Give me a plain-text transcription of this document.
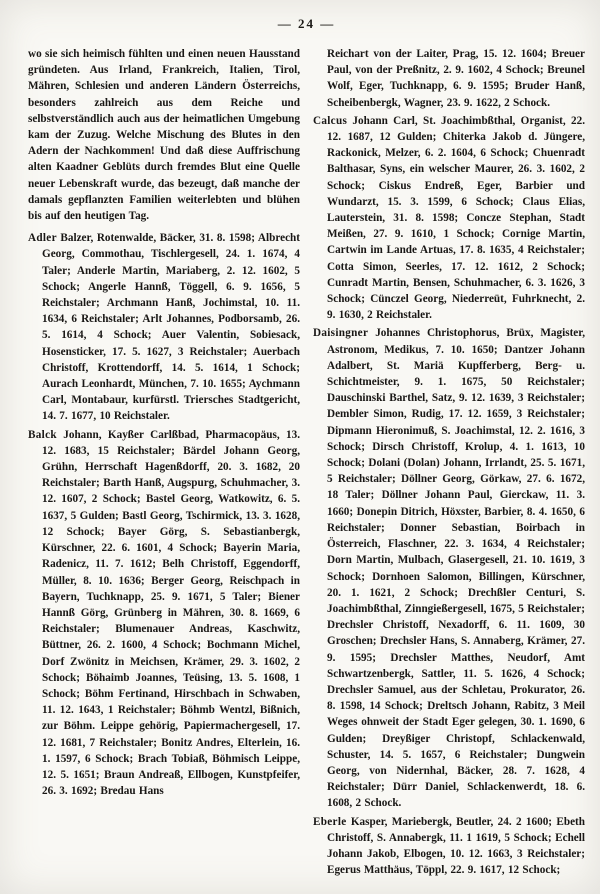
— 24 —

wo sie sich heimisch fühlten und einen neuen Hausstand gründeten. Aus Irland, Frankreich, Italien, Tirol, Mähren, Schlesien und anderen Ländern Österreichs, besonders zahlreich aus dem Reiche und selbstverständlich auch aus der heimatlichen Umgebung kam der Zuzug. Welche Mischung des Blutes in den Adern der Nachkommen! Und daß diese Auffrischung alten Kaadner Geblüts durch fremdes Blut eine Quelle neuer Lebenskraft wurde, das bezeugt, daß manche der damals gepflanzten Familien weiterlebten und blühen bis auf den heutigen Tag.

Adler Balzer, Rotenwalde, Bäcker, 31. 8. 1598; Albrecht Georg, Commothau, Tischlergesell, 24. 1. 1674, 4 Taler; Anderle Martin, Mariaberg, 2. 12. 1602, 5 Schock; Angerle Hannß, Töggell, 6. 9. 1656, 5 Reichstaler; Archmann Hanß, Jochimstal, 10. 11. 1634, 6 Reichstaler; Arlt Johannes, Podborsamb, 26. 5. 1614, 4 Schock; Auer Valentin, Sobiesack, Hosensticker, 17. 5. 1627, 3 Reichstaler; Auerbach Christoff, Krottendorff, 14. 5. 1614, 1 Schock; Aurach Leonhardt, München, 7. 10. 1655; Aychmann Carl, Montabaur, kurfürstl. Triersches Stadtgericht, 14. 7. 1677, 10 Reichstaler.

Balck Johann, Kayßer Carlßbad, Pharmacopäus, 13. 12. 1683, 15 Reichstaler; Bärdel Johann Georg, Grühn, Herrschaft Hagenßdorff, 20. 3. 1682, 20 Reichstaler; Barth Hanß, Augspurg, Schuhmacher, 3. 12. 1607, 2 Schock; Bastel Georg, Watkowitz, 6. 5. 1637, 5 Gulden; Bastl Georg, Tschirmick, 13. 3. 1628, 12 Schock; Bayer Görg, S. Sebastianbergk, Kürschner, 22. 6. 1601, 4 Schock; Bayerin Maria, Radenicz, 11. 7. 1612; Belh Christoff, Eggendorff, Müller, 8. 10. 1636; Berger Georg, Reischpach in Bayern, Tuchknapp, 25. 9. 1671, 5 Taler; Biener Hannß Görg, Grünberg in Mähren, 30. 8. 1669, 6 Reichstaler; Blumenauer Andreas, Kaschwitz, Büttner, 26. 2. 1600, 4 Schock; Bochmann Michel, Dorf Zwönitz in Meichsen, Krämer, 29. 3. 1602, 2 Schock; Böhaimb Joannes, Teüsing, 13. 5. 1608, 1 Schock; Böhm Fertinand, Hirschbach in Schwaben, 11. 12. 1643, 1 Reichstaler; Böhmb Wentzl, Bißnich, zur Böhm. Leippe gehörig, Papiermachergesell, 17. 12. 1681, 7 Reichstaler; Bonitz Andres, Elterlein, 16. 1. 1597, 6 Schock; Brach Tobiaß, Böhmisch Leippe, 12. 5. 1651; Braun Andreaß, Ellbogen, Kunstpfeifer, 26. 3. 1692; Bredau Hans

Reichart von der Laiter, Prag, 15. 12. 1604; Breuer Paul, von der Preßnitz, 2. 9. 1602, 4 Schock; Breunel Wolf, Eger, Tuchknapp, 6. 9. 1595; Bruder Hanß, Scheibenbergk, Wagner, 23. 9. 1622, 2 Schock.

Calcus Johann Carl, St. Joachimbßthal, Organist, 22. 12. 1687, 12 Gulden; Chiterka Jakob d. Jüngere, Rackonick, Melzer, 6. 2. 1604, 6 Schock; Chuenradt Balthasar, Syns, ein welscher Maurer, 26. 3. 1602, 2 Schock; Ciskus Endreß, Eger, Barbier und Wundarzt, 15. 3. 1599, 6 Schock; Claus Elias, Lauterstein, 31. 8. 1598; Concze Stephan, Stadt Meißen, 27. 9. 1610, 1 Schock; Cornige Martin, Cartwin im Lande Artuas, 17. 8. 1635, 4 Reichstaler; Cotta Simon, Seerles, 17. 12. 1612, 2 Schock; Cunradt Martin, Bensen, Schuhmacher, 6. 3. 1626, 3 Schock; Cünczel Georg, Niederreüt, Fuhrknecht, 2. 9. 1630, 2 Reichstaler.

Daisingner Johannes Christophorus, Brüx, Magister, Astronom, Medikus, 7. 10. 1650; Dantzer Johann Adalbert, St. Mariä Kupfferberg, Berg- u. Schichtmeister, 9. 1. 1675, 50 Reichstaler; Dauschinski Barthel, Satz, 9. 12. 1639, 3 Reichstaler; Dembler Simon, Rudig, 17. 12. 1659, 3 Reichstaler; Dipmann Hieronimuß, S. Joachimstal, 12. 2. 1616, 3 Schock; Dirsch Christoff, Krolup, 4. 1. 1613, 10 Schock; Dolani (Dolan) Johann, Irrlandt, 25. 5. 1671, 5 Reichstaler; Döllner Georg, Görkaw, 27. 6. 1672, 18 Taler; Döllner Johann Paul, Gierckaw, 11. 3. 1660; Donepin Ditrich, Höxster, Barbier, 8. 4. 1650, 6 Reichstaler; Donner Sebastian, Boirbach in Österreich, Flaschner, 22. 3. 1634, 4 Reichstaler; Dorn Martin, Mulbach, Glasergesell, 21. 10. 1619, 3 Schock; Dornhoen Salomon, Billingen, Kürschner, 20. 1. 1621, 2 Schock; Drechßler Centuri, S. Joachimbßthal, Zinngießergesell, 1675, 5 Reichstaler; Drechsler Christoff, Nexadorff, 6. 11. 1609, 30 Groschen; Drechsler Hans, S. Annaberg, Krämer, 27. 9. 1595; Drechsler Matthes, Neudorf, Amt Schwartzenbergk, Sattler, 11. 5. 1626, 4 Schock; Drechsler Samuel, aus der Schletau, Prokurator, 26. 8. 1598, 14 Schock; Dreltsch Johann, Rabitz, 3 Meil Weges ohnweit der Stadt Eger gelegen, 30. 1. 1690, 6 Gulden; Dreyßiger Christopf, Schlackenwald, Schuster, 14. 5. 1657, 6 Reichstaler; Dungwein Georg, von Nidernhal, Bäcker, 28. 7. 1628, 4 Reichstaler; Dürr Daniel, Schlackenwerdt, 18. 6. 1608, 2 Schock.

Eberle Kasper, Mariebergk, Beutler, 24. 2 1600; Ebeth Christoff, S. Annabergk, 11. 1 1619, 5 Schock; Echell Johann Jakob, Elbogen, 10. 12. 1663, 3 Reichstaler; Egerus Matthäus, Töppl, 22. 9. 1617, 12 Schock;
